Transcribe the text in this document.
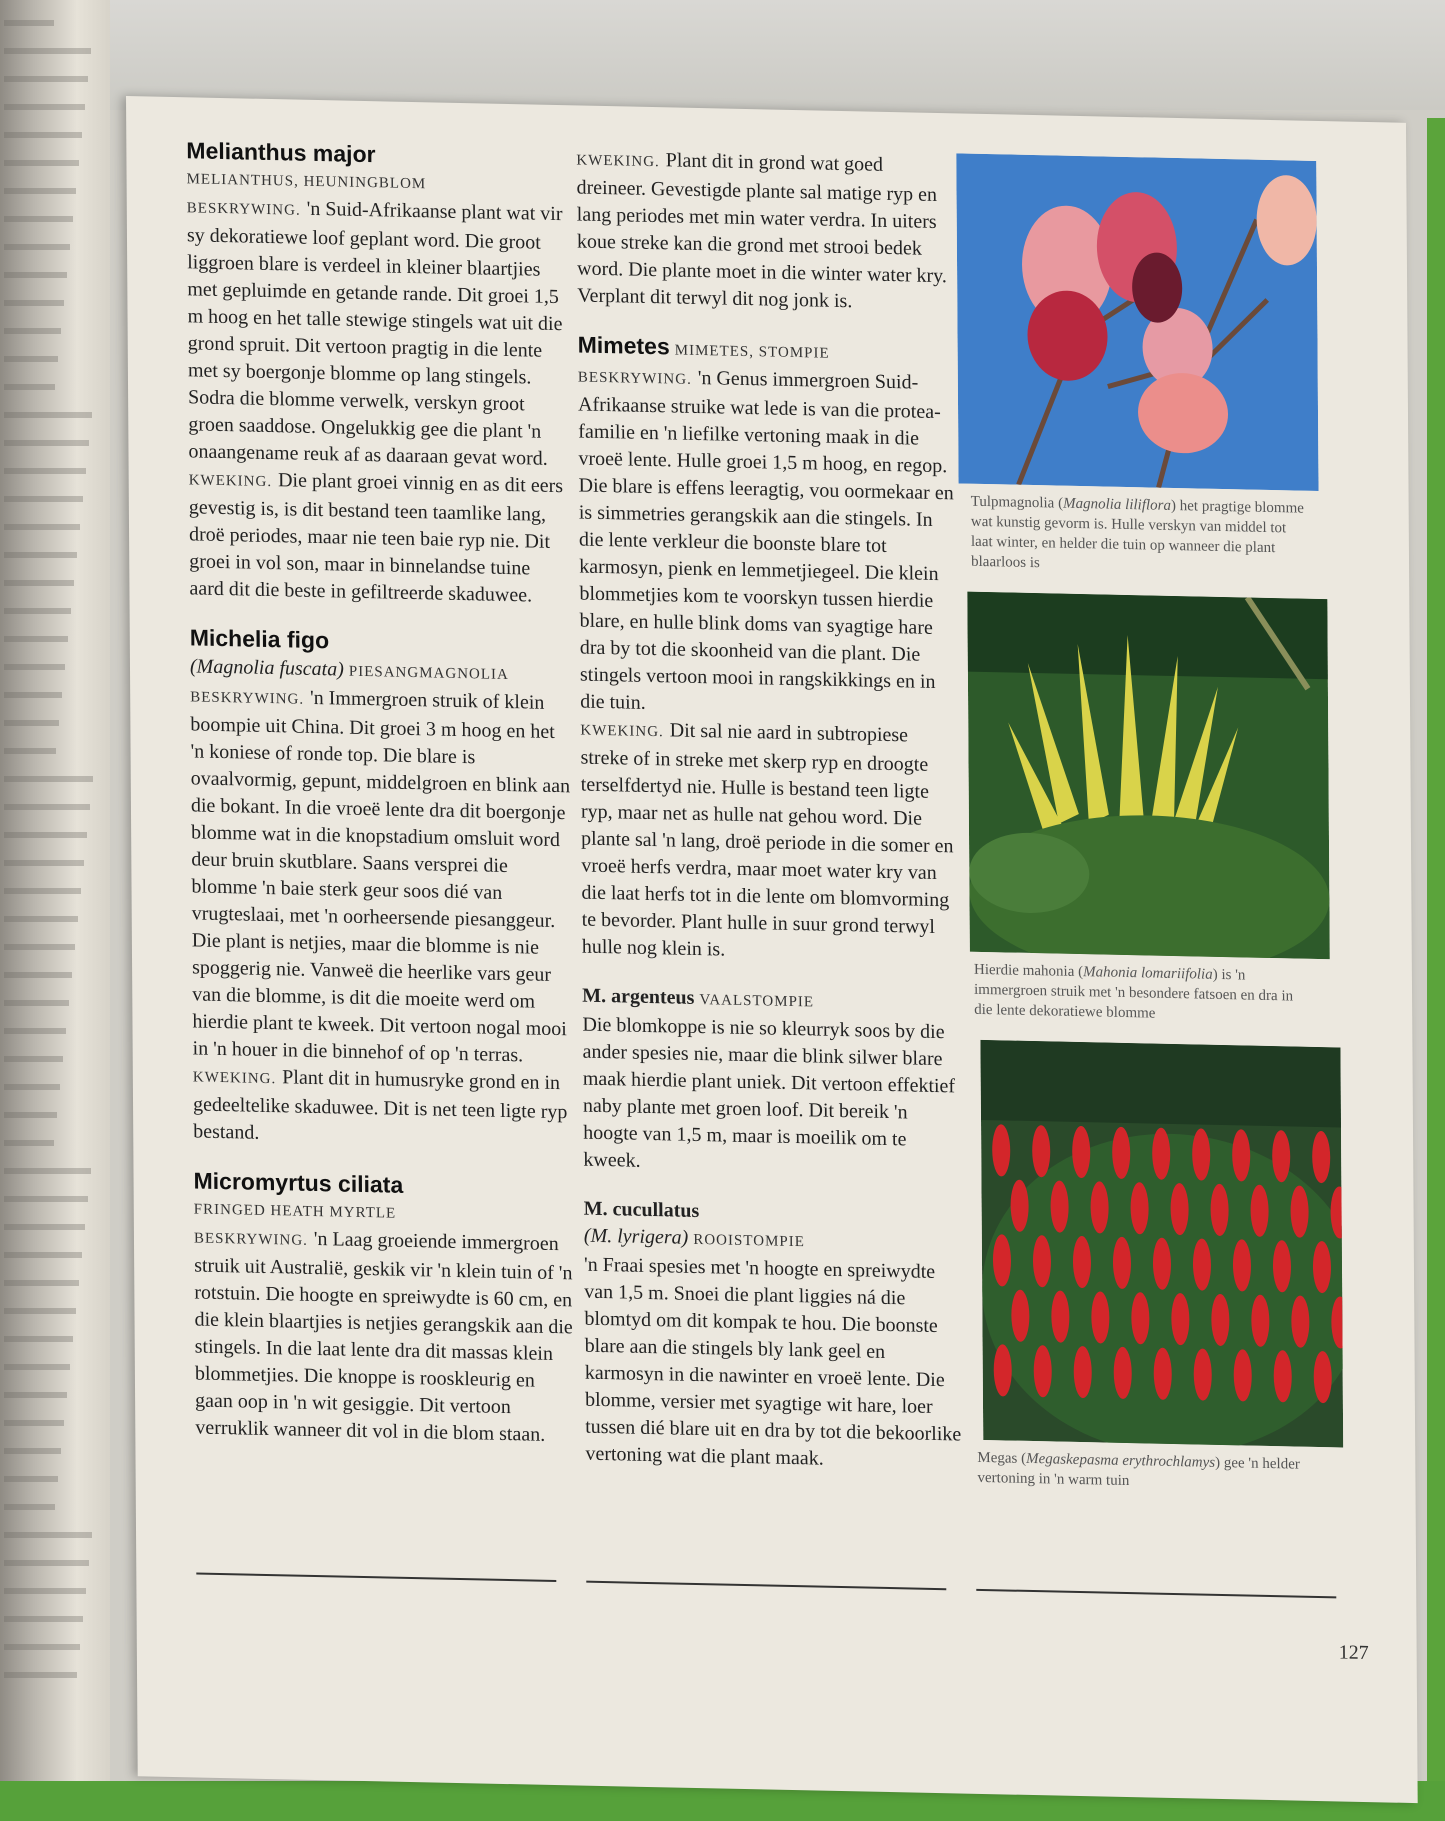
Melianthus major
MELIANTHUS, HEUNINGBLOM

BESKRYWING. 'n Suid-Afrikaanse plant wat vir sy dekoratiewe loof geplant word. Die groot liggroen blare is verdeel in kleiner blaartjies met gepluimde en getande rande. Dit groei 1,5 m hoog en het talle stewige stingels wat uit die grond spruit. Dit vertoon pragtig in die lente met sy boergonje blomme op lang stingels. Sodra die blomme verwelk, verskyn groot groen saaddose. Ongelukkig gee die plant 'n onaangename reuk af as daaraan gevat word.

KWEKING. Die plant groei vinnig en as dit eers gevestig is, is dit bestand teen taamlike lang, droë periodes, maar nie teen baie ryp nie. Dit groei in vol son, maar in binnelandse tuine aard dit die beste in gefiltreerde skaduwee.

Michelia figo
(Magnolia fuscata) PIESANGMAGNOLIA

BESKRYWING. 'n Immergroen struik of klein boompie uit China. Dit groei 3 m hoog en het 'n koniese of ronde top. Die blare is ovaalvormig, gepunt, middelgroen en blink aan die bokant. In die vroeë lente dra dit boergonje blomme wat in die knopstadium omsluit word deur bruin skutblare. Saans versprei die blomme 'n baie sterk geur soos dié van vrugteslaai, met 'n oorheersende piesanggeur. Die plant is netjies, maar die blomme is nie spoggerig nie. Vanweë die heerlike vars geur van die blomme, is dit die moeite werd om hierdie plant te kweek. Dit vertoon nogal mooi in 'n houer in die binnehof of op 'n terras.

KWEKING. Plant dit in humusryke grond en in gedeeltelike skaduwee. Dit is net teen ligte ryp bestand.

Micromyrtus ciliata
FRINGED HEATH MYRTLE

BESKRYWING. 'n Laag groeiende immergroen struik uit Australië, geskik vir 'n klein tuin of 'n rotstuin. Die hoogte en spreiwydte is 60 cm, en die klein blaartjies is netjies gerangskik aan die stingels. In die laat lente dra dit massas klein blommetjies. Die knoppe is rooskleurig en gaan oop in 'n wit gesiggie. Dit vertoon verruklik wanneer dit vol in die blom staan.

KWEKING. Plant dit in grond wat goed dreineer. Gevestigde plante sal matige ryp en lang periodes met min water verdra. In uiters koue streke kan die grond met strooi bedek word. Die plante moet in die winter water kry. Verplant dit terwyl dit nog jonk is.

Mimetes MIMETES, STOMPIE

BESKRYWING. 'n Genus immergroen Suid-Afrikaanse struike wat lede is van die protea-familie en 'n liefilke vertoning maak in die vroeë lente. Hulle groei 1,5 m hoog, en regop. Die blare is effens leeragtig, vou oormekaar en is simmetries gerangskik aan die stingels. In die lente verkleur die boonste blare tot karmosyn, pienk en lemmetjiegeel. Die klein blommetjies kom te voorskyn tussen hierdie blare, en hulle blink doms van syagtige hare dra by tot die skoonheid van die plant. Die stingels vertoon mooi in rangskikkings en in die tuin.

KWEKING. Dit sal nie aard in subtropiese streke of in streke met skerp ryp en droogte terselfdertyd nie. Hulle is bestand teen ligte ryp, maar net as hulle nat gehou word. Die plante sal 'n lang, droë periode in die somer en vroeë herfs verdra, maar moet water kry van die laat herfs tot in die lente om blomvorming te bevorder. Plant hulle in suur grond terwyl hulle nog klein is.

M. argenteus VAALSTOMPIE

Die blomkoppe is nie so kleurryk soos by die ander spesies nie, maar die blink silwer blare maak hierdie plant uniek. Dit vertoon effektief naby plante met groen loof. Dit bereik 'n hoogte van 1,5 m, maar is moeilik om te kweek.

M. cucullatus
(M. lyrigera) ROOISTOMPIE

'n Fraai spesies met 'n hoogte en spreiwydte van 1,5 m. Snoei die plant liggies ná die blomtyd om dit kompak te hou. Die boonste blare aan die stingels bly lank geel en karmosyn in die nawinter en vroeë lente. Die blomme, versier met syagtige wit hare, loer tussen dié blare uit en dra by tot die bekoorlike vertoning wat die plant maak.

Tulpmagnolia (Magnolia liliflora) het pragtige blomme wat kunstig gevorm is. Hulle verskyn van middel tot laat winter, en helder die tuin op wanneer die plant blaarloos is
Hierdie mahonia (Mahonia lomariifolia) is 'n immergroen struik met 'n besondere fatsoen en dra in die lente dekoratiewe blomme
Megas (Megaskepasma erythrochlamys) gee 'n helder vertoning in 'n warm tuin
127
